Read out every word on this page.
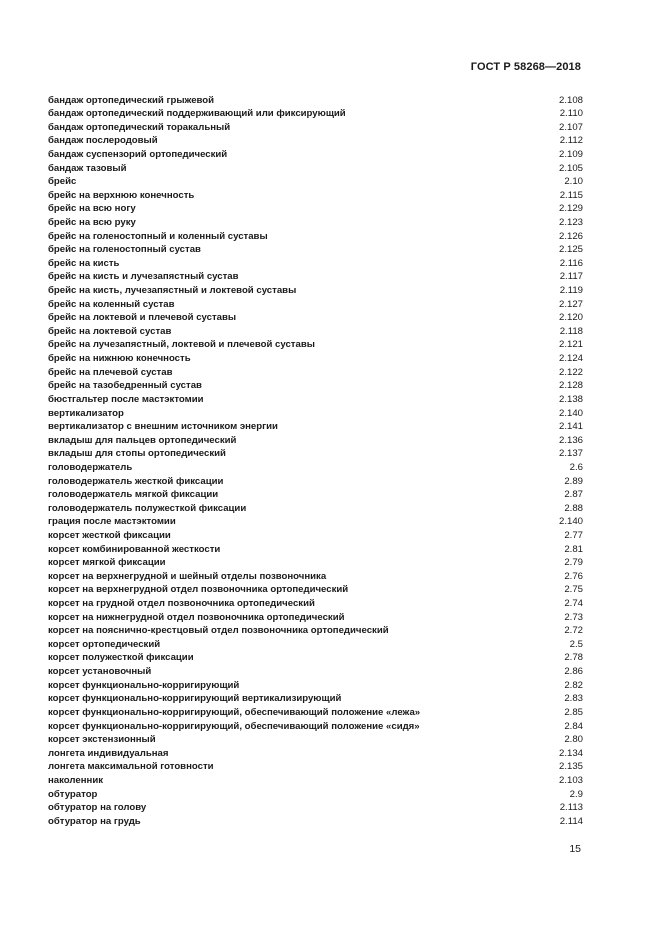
ГОСТ Р 58268—2018
бандаж ортопедический грыжевой	2.108
бандаж ортопедический поддерживающий или фиксирующий	2.110
бандаж ортопедический торакальный	2.107
бандаж послеродовый	2.112
бандаж суспензорий ортопедический	2.109
бандаж тазовый	2.105
брейс	2.10
брейс на верхнюю конечность	2.115
брейс на всю ногу	2.129
брейс на всю руку	2.123
брейс на голеностопный и коленный суставы	2.126
брейс на голеностопный сустав	2.125
брейс на кисть	2.116
брейс на кисть и лучезапястный сустав	2.117
брейс на кисть, лучезапястный и локтевой суставы	2.119
брейс на коленный сустав	2.127
брейс на локтевой и плечевой суставы	2.120
брейс на локтевой сустав	2.118
брейс на лучезапястный, локтевой и плечевой суставы	2.121
брейс на нижнюю конечность	2.124
брейс на плечевой сустав	2.122
брейс на тазобедренный сустав	2.128
бюстгальтер после мастэктомии	2.138
вертикализатор	2.140
вертикализатор с внешним источником энергии	2.141
вкладыш для пальцев ортопедический	2.136
вкладыш для стопы ортопедический	2.137
головодержатель	2.6
головодержатель жесткой фиксации	2.89
головодержатель мягкой фиксации	2.87
головодержатель полужесткой фиксации	2.88
грация после мастэктомии	2.140
корсет жесткой фиксации	2.77
корсет комбинированной жесткости	2.81
корсет мягкой фиксации	2.79
корсет на верхнегрудной и шейный отделы позвоночника	2.76
корсет на верхнегрудной отдел позвоночника ортопедический	2.75
корсет на грудной отдел позвоночника ортопедический	2.74
корсет на нижнегрудной отдел позвоночника ортопедический	2.73
корсет на пояснично-крестцовый отдел позвоночника ортопедический	2.72
корсет ортопедический	2.5
корсет полужесткой фиксации	2.78
корсет установочный	2.86
корсет функционально-корригирующий	2.82
корсет функционально-корригирующий вертикализирующий	2.83
корсет функционально-корригирующий, обеспечивающий положение «лежа»	2.85
корсет функционально-корригирующий, обеспечивающий положение «сидя»	2.84
корсет экстензионный	2.80
лонгета индивидуальная	2.134
лонгета максимальной готовности	2.135
наколенник	2.103
обтуратор	2.9
обтуратор на голову	2.113
обтуратор на грудь	2.114
15
